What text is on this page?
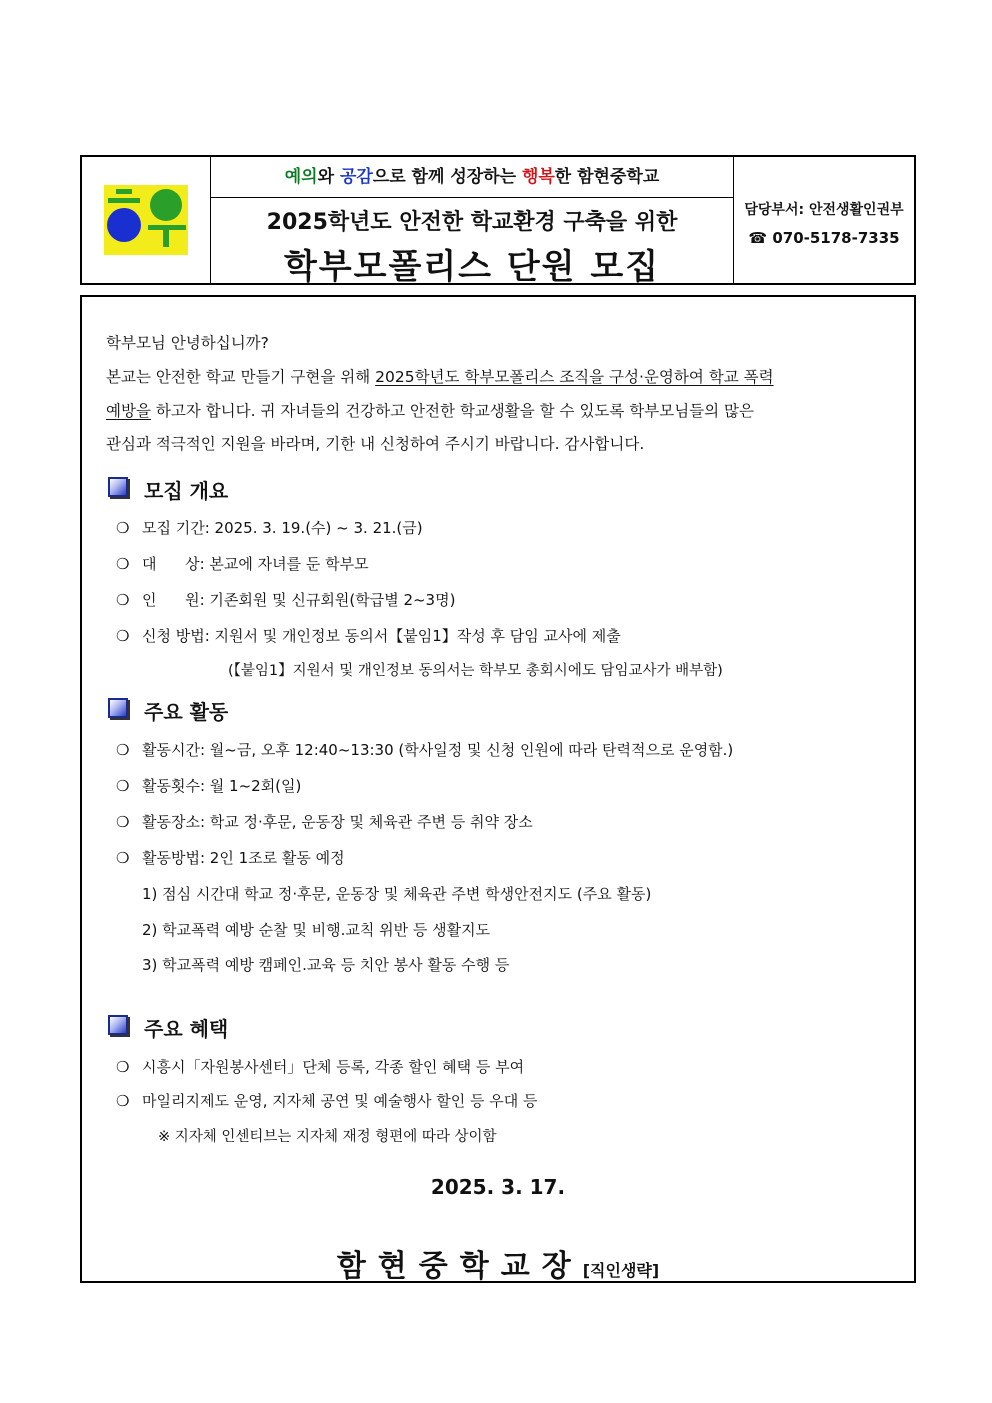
예의와 공감으로 함께 성장하는 행복한 함현중학교
2025학년도 안전한 학교환경 구축을 위한
학부모폴리스 단원 모집
담당부서: 안전생활인권부
☎ 070-5178-7335
학부모님 안녕하십니까?
본교는 안전한 학교 만들기 구현을 위해 2025학년도 학부모폴리스 조직을 구성·운영하여 학교 폭력
예방을 하고자 합니다. 귀 자녀들의 건강하고 안전한 학교생활을 할 수 있도록 학부모님들의 많은
관심과 적극적인 지원을 바라며, 기한 내 신청하여 주시기 바랍니다. 감사합니다.
모집 개요
❍ 모집 기간: 2025. 3. 19.(수) ~ 3. 21.(금)
❍ 대      상: 본교에 자녀를 둔 학부모
❍ 인      원: 기존회원 및 신규회원(학급별 2~3명)
❍ 신청 방법: 지원서 및 개인정보 동의서【붙임1】작성 후 담임 교사에 제출
(【붙임1】지원서 및 개인정보 동의서는 학부모 총회시에도 담임교사가 배부함)
주요 활동
❍ 활동시간: 월~금, 오후 12:40~13:30 (학사일정 및 신청 인원에 따라 탄력적으로 운영함.)
❍ 활동횟수: 월 1~2회(일)
❍ 활동장소: 학교 정·후문, 운동장 및 체육관 주변 등 취약 장소
❍ 활동방법: 2인 1조로 활동 예정
1) 점심 시간대 학교 정·후문, 운동장 및 체육관 주변 학생안전지도 (주요 활동)
2) 학교폭력 예방 순찰 및 비행.교칙 위반 등 생활지도
3) 학교폭력 예방 캠페인.교육 등 치안 봉사 활동 수행 등
주요 혜택
❍ 시흥시「자원봉사센터」단체 등록, 각종 할인 혜택 등 부여
❍ 마일리지제도 운영, 지자체 공연 및 예술행사 할인 등 우대 등
※ 지자체 인센티브는 지자체 재정 형편에 따라 상이함
2025. 3. 17.
함현중학교장[직인생략]
